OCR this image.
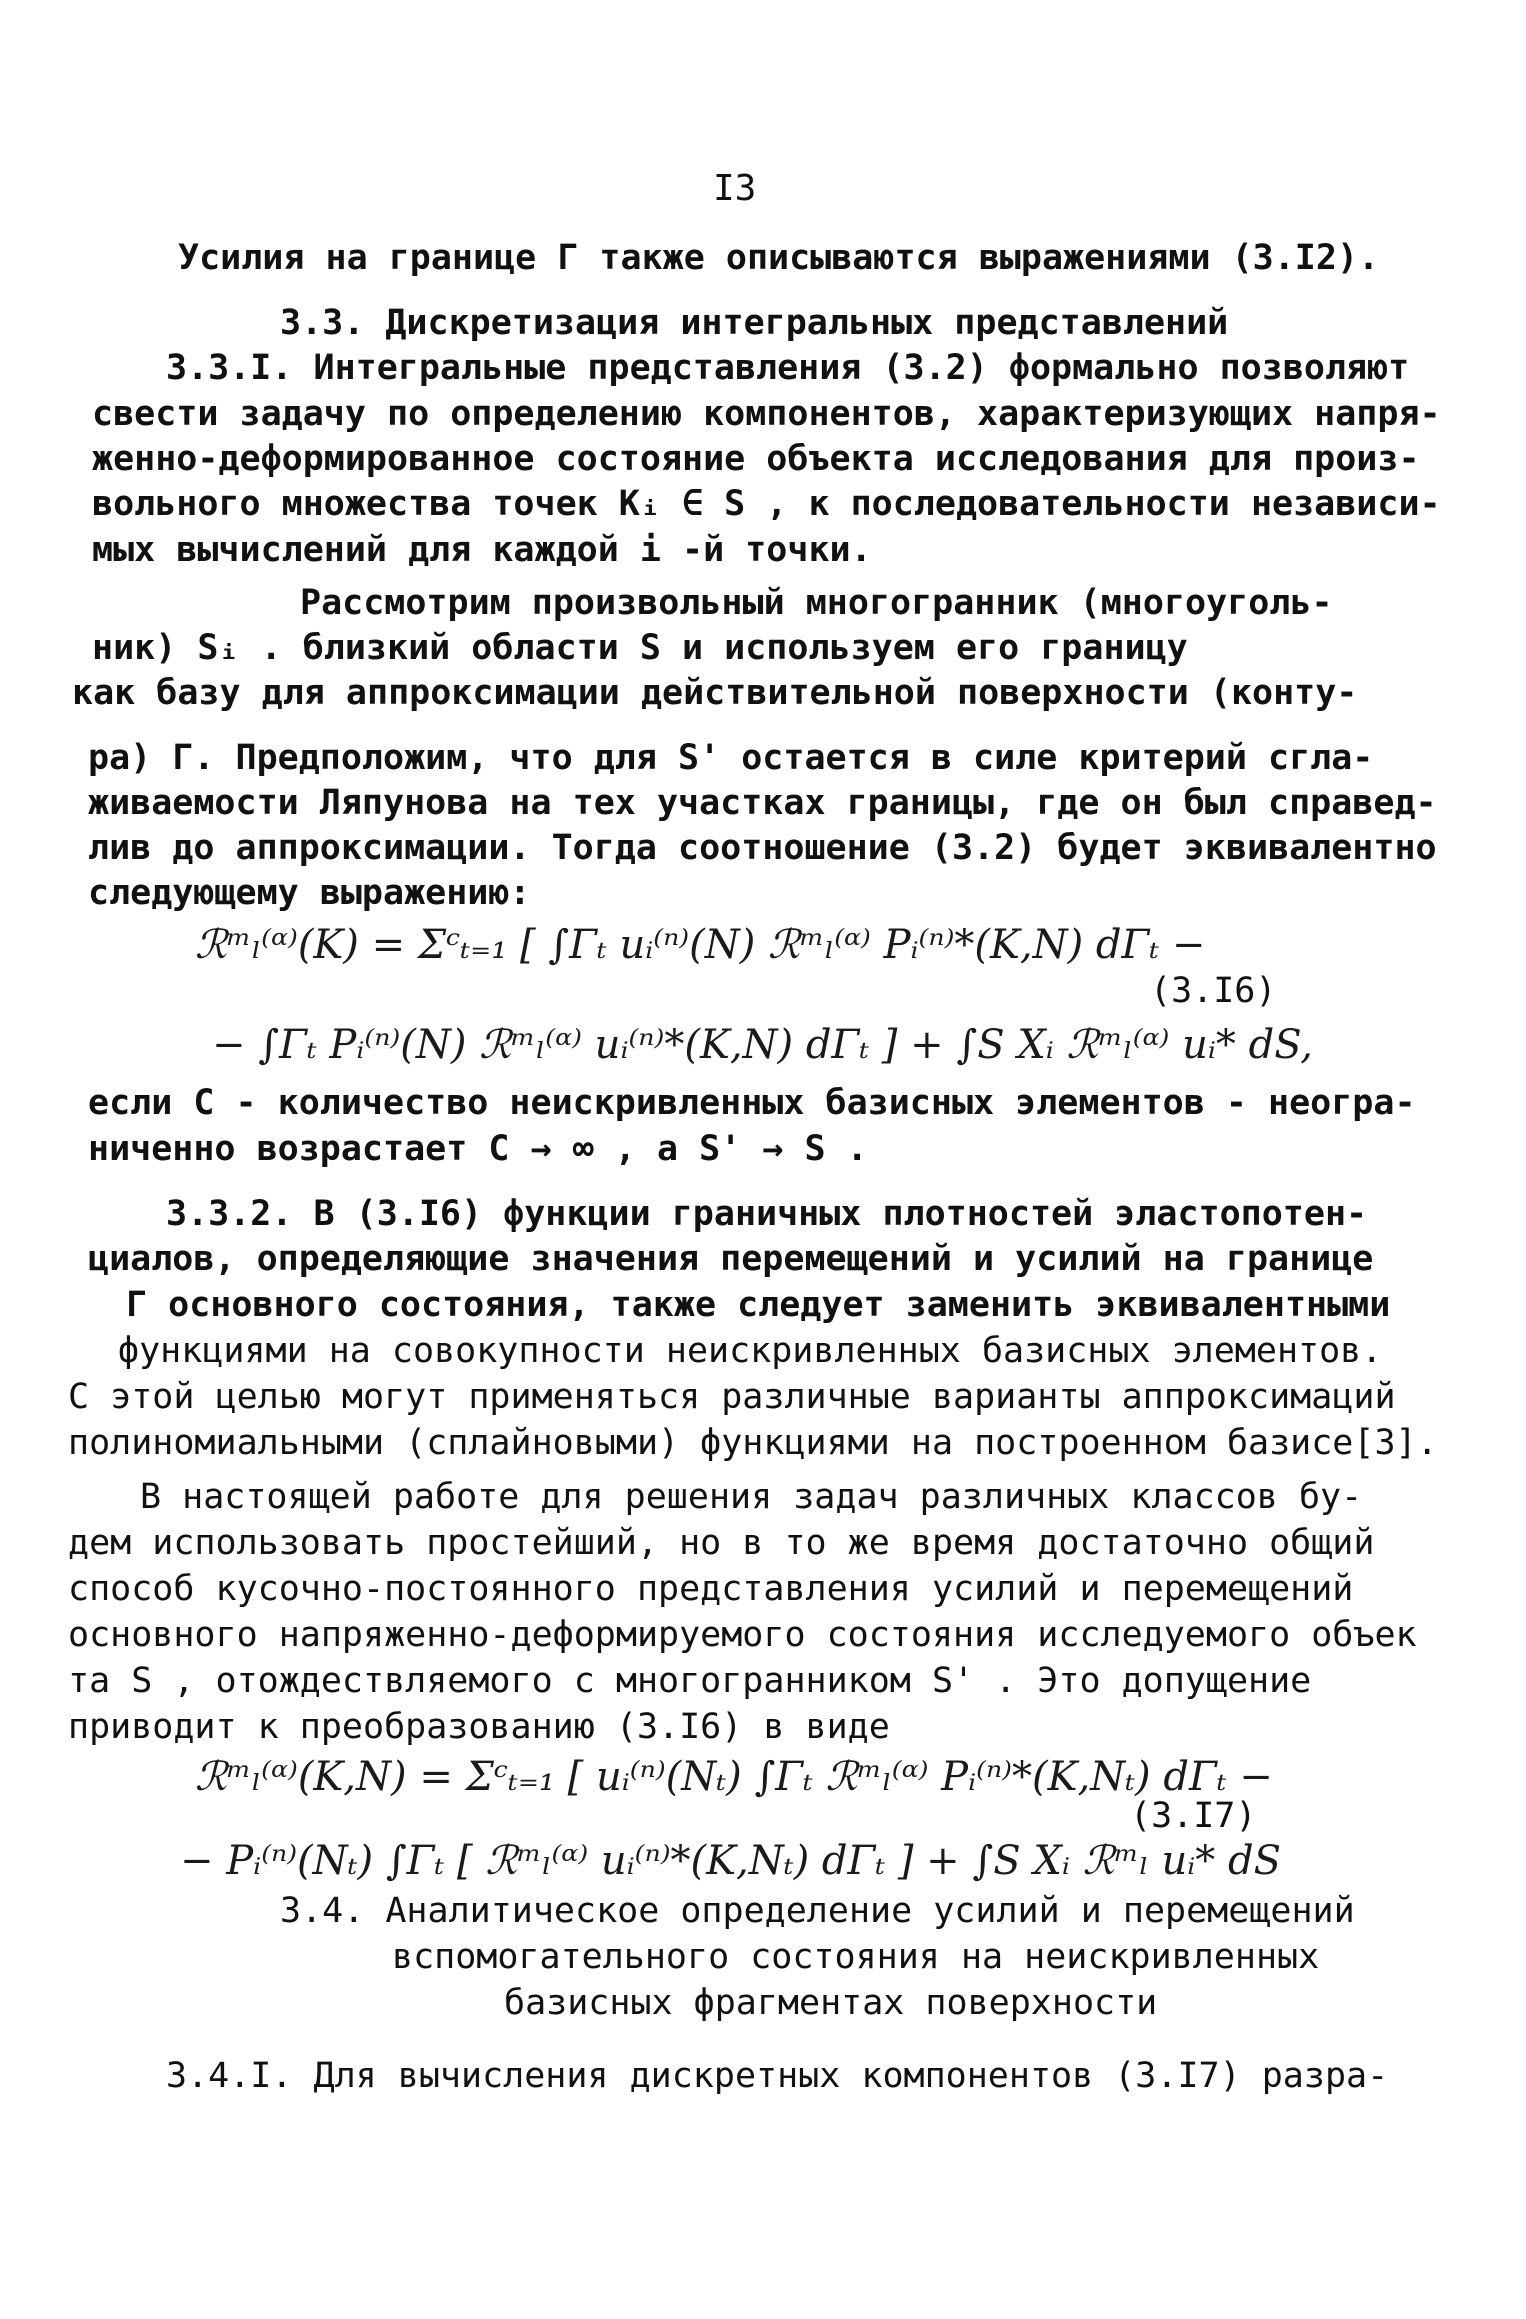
I3
Усилия на границе Г также описываются выражениями (3.I2).
3.3. Дискретизация интегральных представлений
3.3.I. Интегральные представления (3.2) формально позволяют
свести задачу по определению компонентов, характеризующих напря-
женно-деформированное состояние объекта исследования для произ-
вольного множества точек Kᵢ ∈ S , к последовательности независи-
мых вычислений для каждой i -й точки.
Рассмотрим произвольный многогранник (многоуголь-
ник) Sᵢ . близкий области S и используем его границу
как базу для аппроксимации действительной поверхности (конту-
ра) Г. Предположим, что для S' остается в силе критерий сгла-
живаемости Ляпунова на тех участках границы, где он был справед-
лив до аппроксимации. Тогда соотношение (3.2) будет эквивалентно
следующему выражению:
ℛᵐₗ⁽ᵅ⁾(K) = Σᶜₜ₌₁ [ ∫Γₜ uᵢ⁽ⁿ⁾(N) ℛᵐₗ⁽ᵅ⁾ Pᵢ⁽ⁿ⁾*(K,N) dΓₜ −
(3.I6)
− ∫Γₜ Pᵢ⁽ⁿ⁾(N) ℛᵐₗ⁽ᵅ⁾ uᵢ⁽ⁿ⁾*(K,N) dΓₜ ] + ∫S Xᵢ ℛᵐₗ⁽ᵅ⁾ uᵢ* dS,
если C - количество неискривленных базисных элементов - неогра-
ниченно возрастает C → ∞ , а S' → S .
3.3.2. В (3.I6) функции граничных плотностей эластопотен-
циалов, определяющие значения перемещений и усилий на границе
Г основного состояния, также следует заменить эквивалентными
функциями на совокупности неискривленных базисных элементов.
С этой целью могут применяться различные варианты аппроксимаций
полиномиальными (сплайновыми) функциями на построенном базисе[3].
В настоящей работе для решения задач различных классов бу-
дем использовать простейший, но в то же время достаточно общий
способ кусочно-постоянного представления усилий и перемещений
основного напряженно-деформируемого состояния исследуемого объек
та S , отождествляемого с многогранником S' . Это допущение
приводит к преобразованию (3.I6) в виде
ℛᵐₗ⁽ᵅ⁾(K,N) = Σᶜₜ₌₁ [ uᵢ⁽ⁿ⁾(Nₜ) ∫Γₜ ℛᵐₗ⁽ᵅ⁾ Pᵢ⁽ⁿ⁾*(K,Nₜ) dΓₜ −
(3.I7)
− Pᵢ⁽ⁿ⁾(Nₜ) ∫Γₜ [ ℛᵐₗ⁽ᵅ⁾ uᵢ⁽ⁿ⁾*(K,Nₜ) dΓₜ ] + ∫S Xᵢ ℛᵐₗ uᵢ* dS
3.4. Аналитическое определение усилий и перемещений
вспомогательного состояния на неискривленных
базисных фрагментах поверхности
3.4.I. Для вычисления дискретных компонентов (3.I7) разра-
